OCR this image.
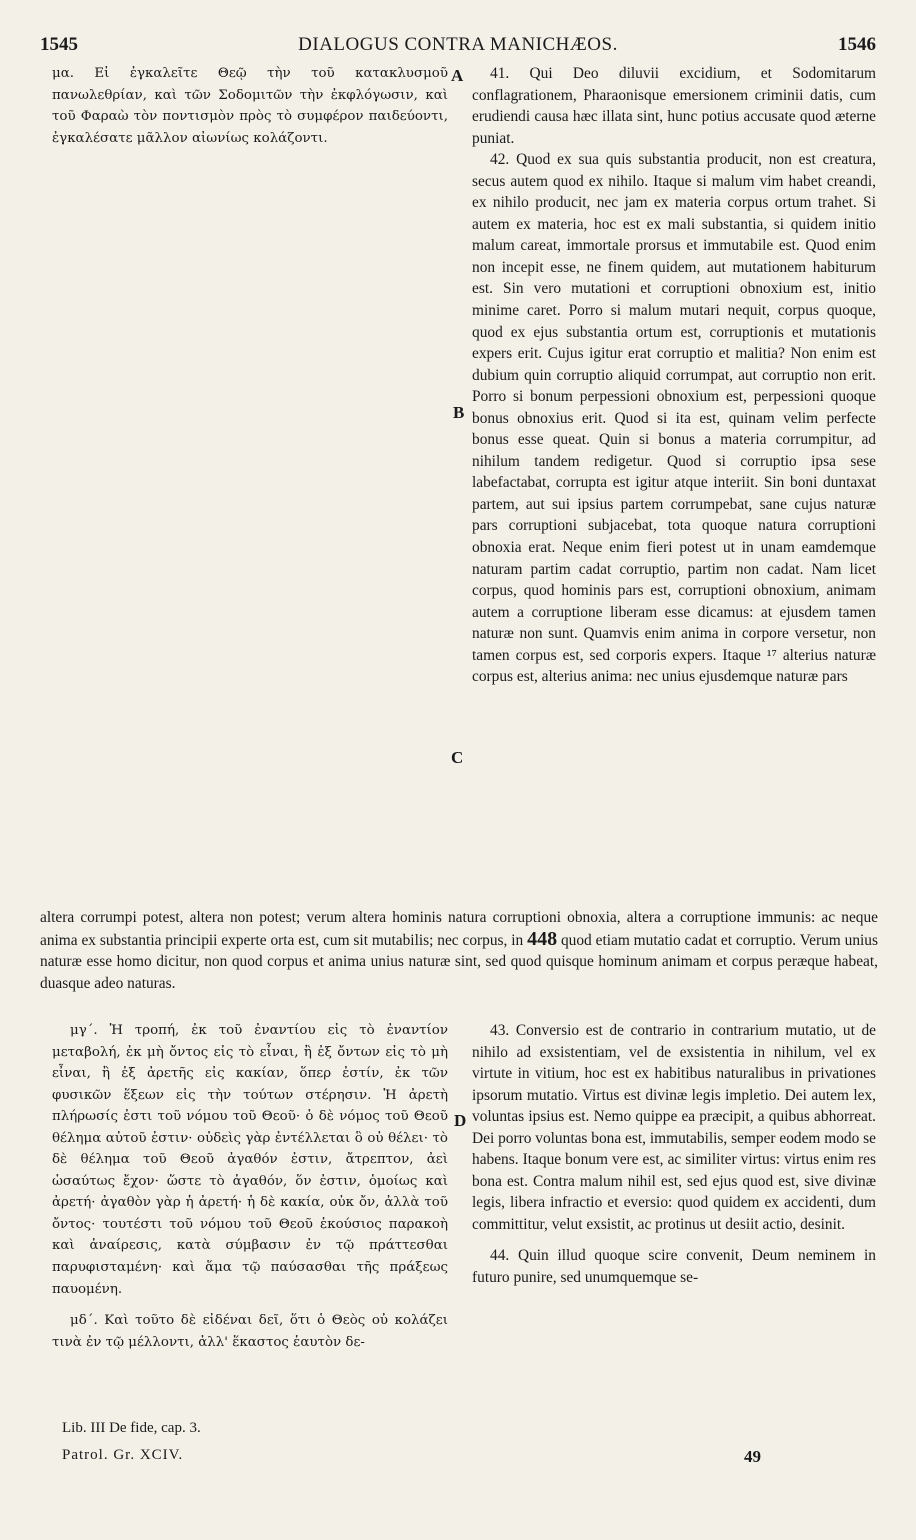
1545	DIALOGUS CONTRA MANICHÆOS.	1546

μα. Εἰ ἐγκαλεῖτε Θεῷ τὴν τοῦ κατακλυσμοῦ πανωλεθρίαν, καὶ τῶν Σοδομιτῶν τὴν ἐκφλόγωσιν, καὶ τοῦ Φαραὼ τὸν ποντισμὸν πρὸς τὸ συμφέρον παιδεύοντι, ἐγκαλέσατε μᾶλλον αἰωνίως κολάζοντι.

41. Qui Deo diluvii excidium, et Sodomitarum conflagrationem, Pharaonisque emersionem criminii datis, cum erudiendi causa hæc illata sint, hunc potius accusate quod æterne puniat.

42. Quod ex sua quis substantia producit, non est creatura, secus autem quod ex nihilo. Itaque si malum vim habet creandi, ex nihilo producit, nec jam ex materia corpus ortum trahet. Si autem ex materia, hoc est ex mali substantia, si quidem initio malum careat, immortale prorsus et immutabile est. Quod enim non incepit esse, ne finem quidem, aut mutationem habiturum est. Sin vero mutationi et corruptioni obnoxium est, initio minime caret. Porro si malum mutari nequit, corpus quoque, quod ex ejus substantia ortum est, corruptionis et mutationis expers erit. Cujus igitur erat corruptio et malitia? Non enim est dubium quin corruptio aliquid corrumpat, aut corruptio non erit. Porro si bonum perpessioni obnoxium est, perpessioni quoque bonus obnoxius erit. Quod si ita est, quinam velim perfecte bonus esse queat. Quin si bonus a materia corrumpitur, ad nihilum tandem redigetur. Quod si corruptio ipsa sese labefactabat, corrupta est igitur atque interiit. Sin boni duntaxat partem, aut sui ipsius partem corrumpebat, sane cujus naturæ pars corruptioni subjacebat, tota quoque natura corruptioni obnoxia erat. Neque enim fieri potest ut in unam eamdemque naturam partim cadat corruptio, partim non cadat. Nam licet corpus, quod hominis pars est, corruptioni obnoxium, animam autem a corruptione liberam esse dicamus: at ejusdem tamen naturæ non sunt. Quamvis enim anima in corpore versetur, non tamen corpus est, sed corporis expers. Itaque ¹⁷ alterius naturæ corpus est, alterius anima: nec unius ejusdemque naturæ pars

A
B
C
D
altera corrumpi potest, altera non potest; verum altera hominis natura corruptioni obnoxia, altera a corruptione immunis: ac neque anima ex substantia principii experte orta est, cum sit mutabilis; nec corpus, in 448 quod etiam mutatio cadat et corruptio. Verum unius naturæ esse homo dicitur, non quod corpus et anima unius naturæ sint, sed quod quisque hominum animam et corpus peræque habeat, duasque adeo naturas.

μγ΄. Ἡ τροπή, ἐκ τοῦ ἐναντίου εἰς τὸ ἐναντίον μεταβολή, ἐκ μὴ ὄντος εἰς τὸ εἶναι, ἢ ἐξ ὄντων εἰς τὸ μὴ εἶναι, ἢ ἐξ ἀρετῆς εἰς κακίαν, ὅπερ ἐστίν, ἐκ τῶν φυσικῶν ἕξεων εἰς τὴν τούτων στέρησιν. Ἡ ἀρετὴ πλήρωσίς ἐστι τοῦ νόμου τοῦ Θεοῦ· ὁ δὲ νόμος τοῦ Θεοῦ θέλημα αὐτοῦ ἐστιν· οὐδεὶς γὰρ ἐντέλλεται ὃ οὐ θέλει· τὸ δὲ θέλημα τοῦ Θεοῦ ἀγαθόν ἐστιν, ἄτρεπτον, ἀεὶ ὡσαύτως ἔχον· ὥστε τὸ ἀγαθόν, ὅν ἐστιν, ὁμοίως καὶ ἀρετή· ἀγαθὸν γὰρ ἡ ἀρετή· ἡ δὲ κακία, οὐκ ὄν, ἀλλὰ τοῦ ὄντος· τουτέστι τοῦ νόμου τοῦ Θεοῦ ἑκούσιος παρακοὴ καὶ ἀναίρεσις, κατὰ σύμβασιν ἐν τῷ πράττεσθαι παρυφισταμένη· καὶ ἅμα τῷ παύσασθαι τῆς πράξεως παυομένη.

μδ΄. Καὶ τοῦτο δὲ εἰδέναι δεῖ, ὅτι ὁ Θεὸς οὐ κολάζει τινὰ ἐν τῷ μέλλοντι, ἀλλ' ἕκαστος ἑαυτὸν δε-

43. Conversio est de contrario in contrarium mutatio, ut de nihilo ad exsistentiam, vel de exsistentia in nihilum, vel ex virtute in vitium, hoc est ex habitibus naturalibus in privationes ipsorum mutatio. Virtus est divinæ legis impletio. Dei autem lex, voluntas ipsius est. Nemo quippe ea præcipit, a quibus abhorreat. Dei porro voluntas bona est, immutabilis, semper eodem modo se habens. Itaque bonum vere est, ac similiter virtus: virtus enim res bona est. Contra malum nihil est, sed ejus quod est, sive divinæ legis, libera infractio et eversio: quod quidem ex accidenti, dum committitur, velut exsistit, ac protinus ut desiit actio, desinit.

44. Quin illud quoque scire convenit, Deum neminem in futuro punire, sed unumquemque se-

Lib. III De fide, cap. 3.
Patrol. Gr. XCIV.	49
